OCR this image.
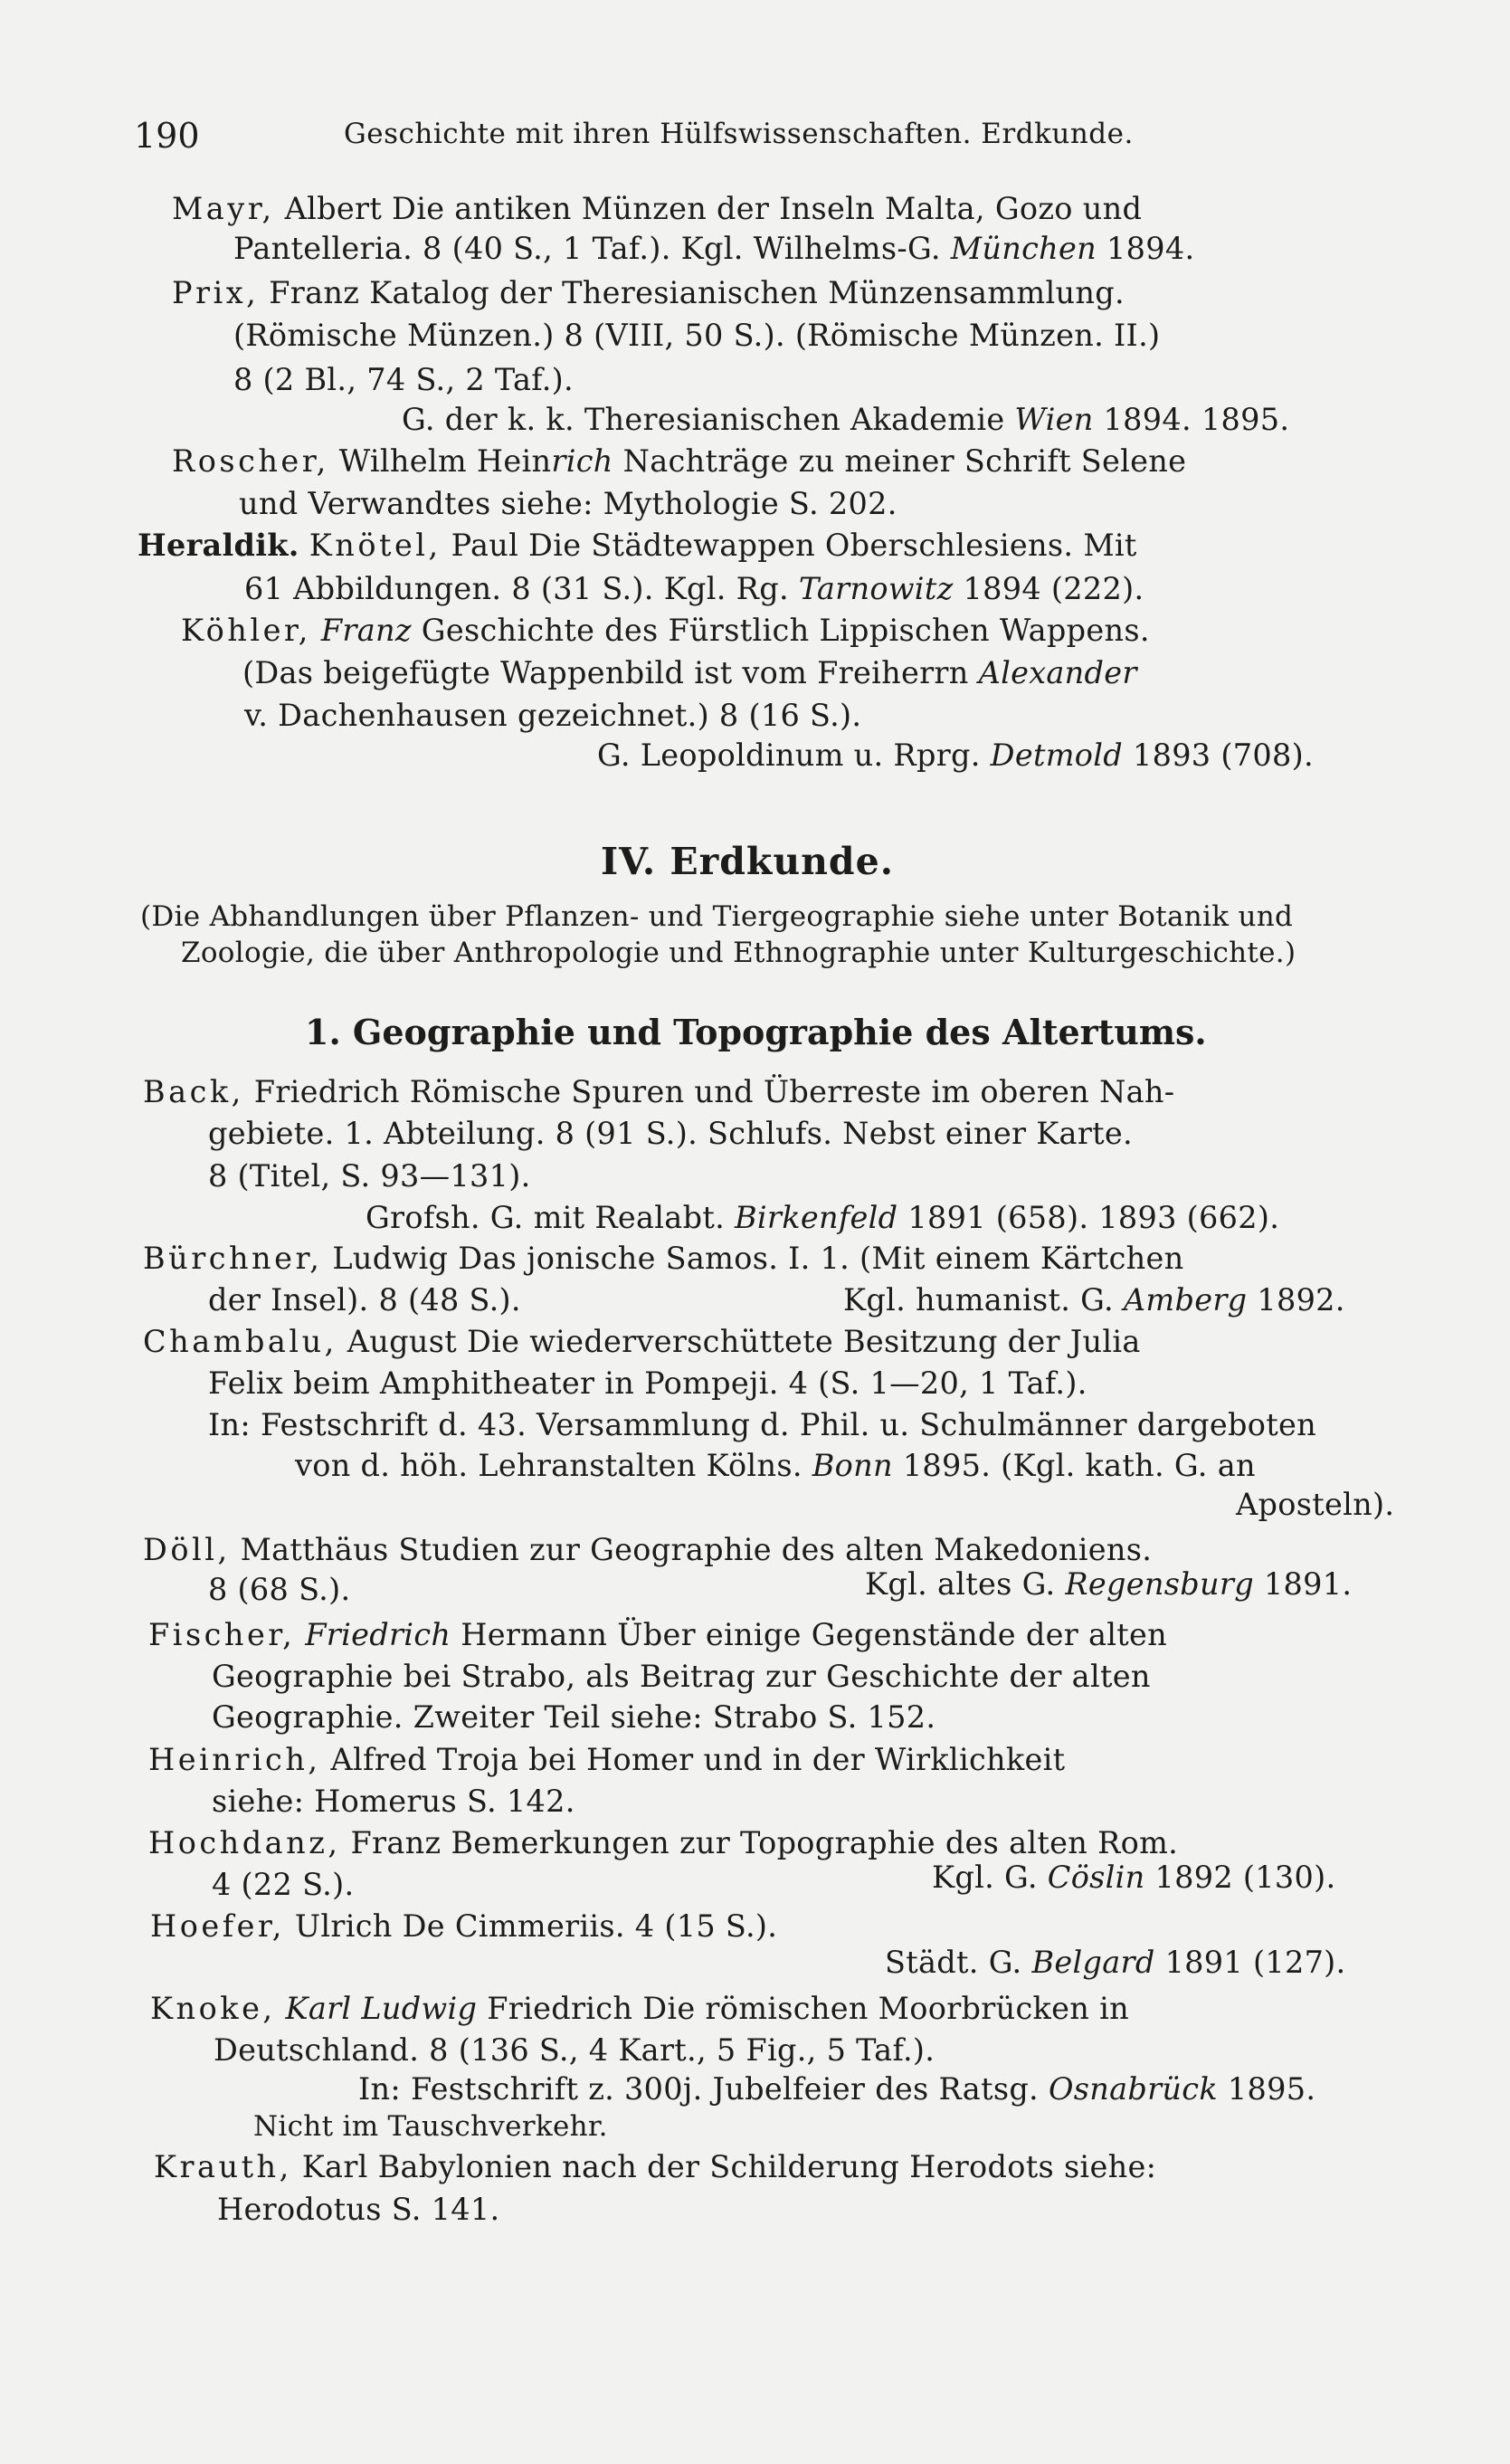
190	Geschichte mit ihren Hülfswissenschaften. Erdkunde.
Mayr, Albert Die antiken Münzen der Inseln Malta, Gozo und
Pantelleria. 8 (40 S., 1 Taf.). Kgl. Wilhelms-G. München 1894.
Prix, Franz Katalog der Theresianischen Münzensammlung.
(Römische Münzen.) 8 (VIII, 50 S.). (Römische Münzen. II.)
8 (2 Bl., 74 S., 2 Taf.).
G. der k. k. Theresianischen Akademie Wien 1894. 1895.
Roscher, Wilhelm Heinrich Nachträge zu meiner Schrift Selene
und Verwandtes siehe: Mythologie S. 202.
Heraldik. Knötel, Paul Die Städtewappen Oberschlesiens. Mit
61 Abbildungen. 8 (31 S.). Kgl. Rg. Tarnowitz 1894 (222).
Köhler, Franz Geschichte des Fürstlich Lippischen Wappens.
(Das beigefügte Wappenbild ist vom Freiherrn Alexander
v. Dachenhausen gezeichnet.) 8 (16 S.).
G. Leopoldinum u. Rprg. Detmold 1893 (708).
IV. Erdkunde.
(Die Abhandlungen über Pflanzen- und Tiergeographie siehe unter Botanik und
Zoologie, die über Anthropologie und Ethnographie unter Kulturgeschichte.)
1. Geographie und Topographie des Altertums.
Back, Friedrich Römische Spuren und Überreste im oberen Nah-
gebiete. 1. Abteilung. 8 (91 S.). Schlufs. Nebst einer Karte.
8 (Titel, S. 93—131).
Grofsh. G. mit Realabt. Birkenfeld 1891 (658). 1893 (662).
Bürchner, Ludwig Das jonische Samos. I. 1. (Mit einem Kärtchen
der Insel). 8 (48 S.).	Kgl. humanist. G. Amberg 1892.
Chambalu, August Die wiederverschüttete Besitzung der Julia
Felix beim Amphitheater in Pompeji. 4 (S. 1—20, 1 Taf.).
In: Festschrift d. 43. Versammlung d. Phil. u. Schulmänner dargeboten
von d. höh. Lehranstalten Kölns. Bonn 1895. (Kgl. kath. G. an
Aposteln).
Döll, Matthäus Studien zur Geographie des alten Makedoniens.
8 (68 S.).	Kgl. altes G. Regensburg 1891.
Fischer, Friedrich Hermann Über einige Gegenstände der alten
Geographie bei Strabo, als Beitrag zur Geschichte der alten
Geographie. Zweiter Teil siehe: Strabo S. 152.
Heinrich, Alfred Troja bei Homer und in der Wirklichkeit
siehe: Homerus S. 142.
Hochdanz, Franz Bemerkungen zur Topographie des alten Rom.
4 (22 S.).	Kgl. G. Cöslin 1892 (130).
Hoefer, Ulrich De Cimmeriis. 4 (15 S.).
Städt. G. Belgard 1891 (127).
Knoke, Karl Ludwig Friedrich Die römischen Moorbrücken in
Deutschland. 8 (136 S., 4 Kart., 5 Fig., 5 Taf.).
In: Festschrift z. 300j. Jubelfeier des Ratsg. Osnabrück 1895.
Nicht im Tauschverkehr.
Krauth, Karl Babylonien nach der Schilderung Herodots siehe:
Herodotus S. 141.
